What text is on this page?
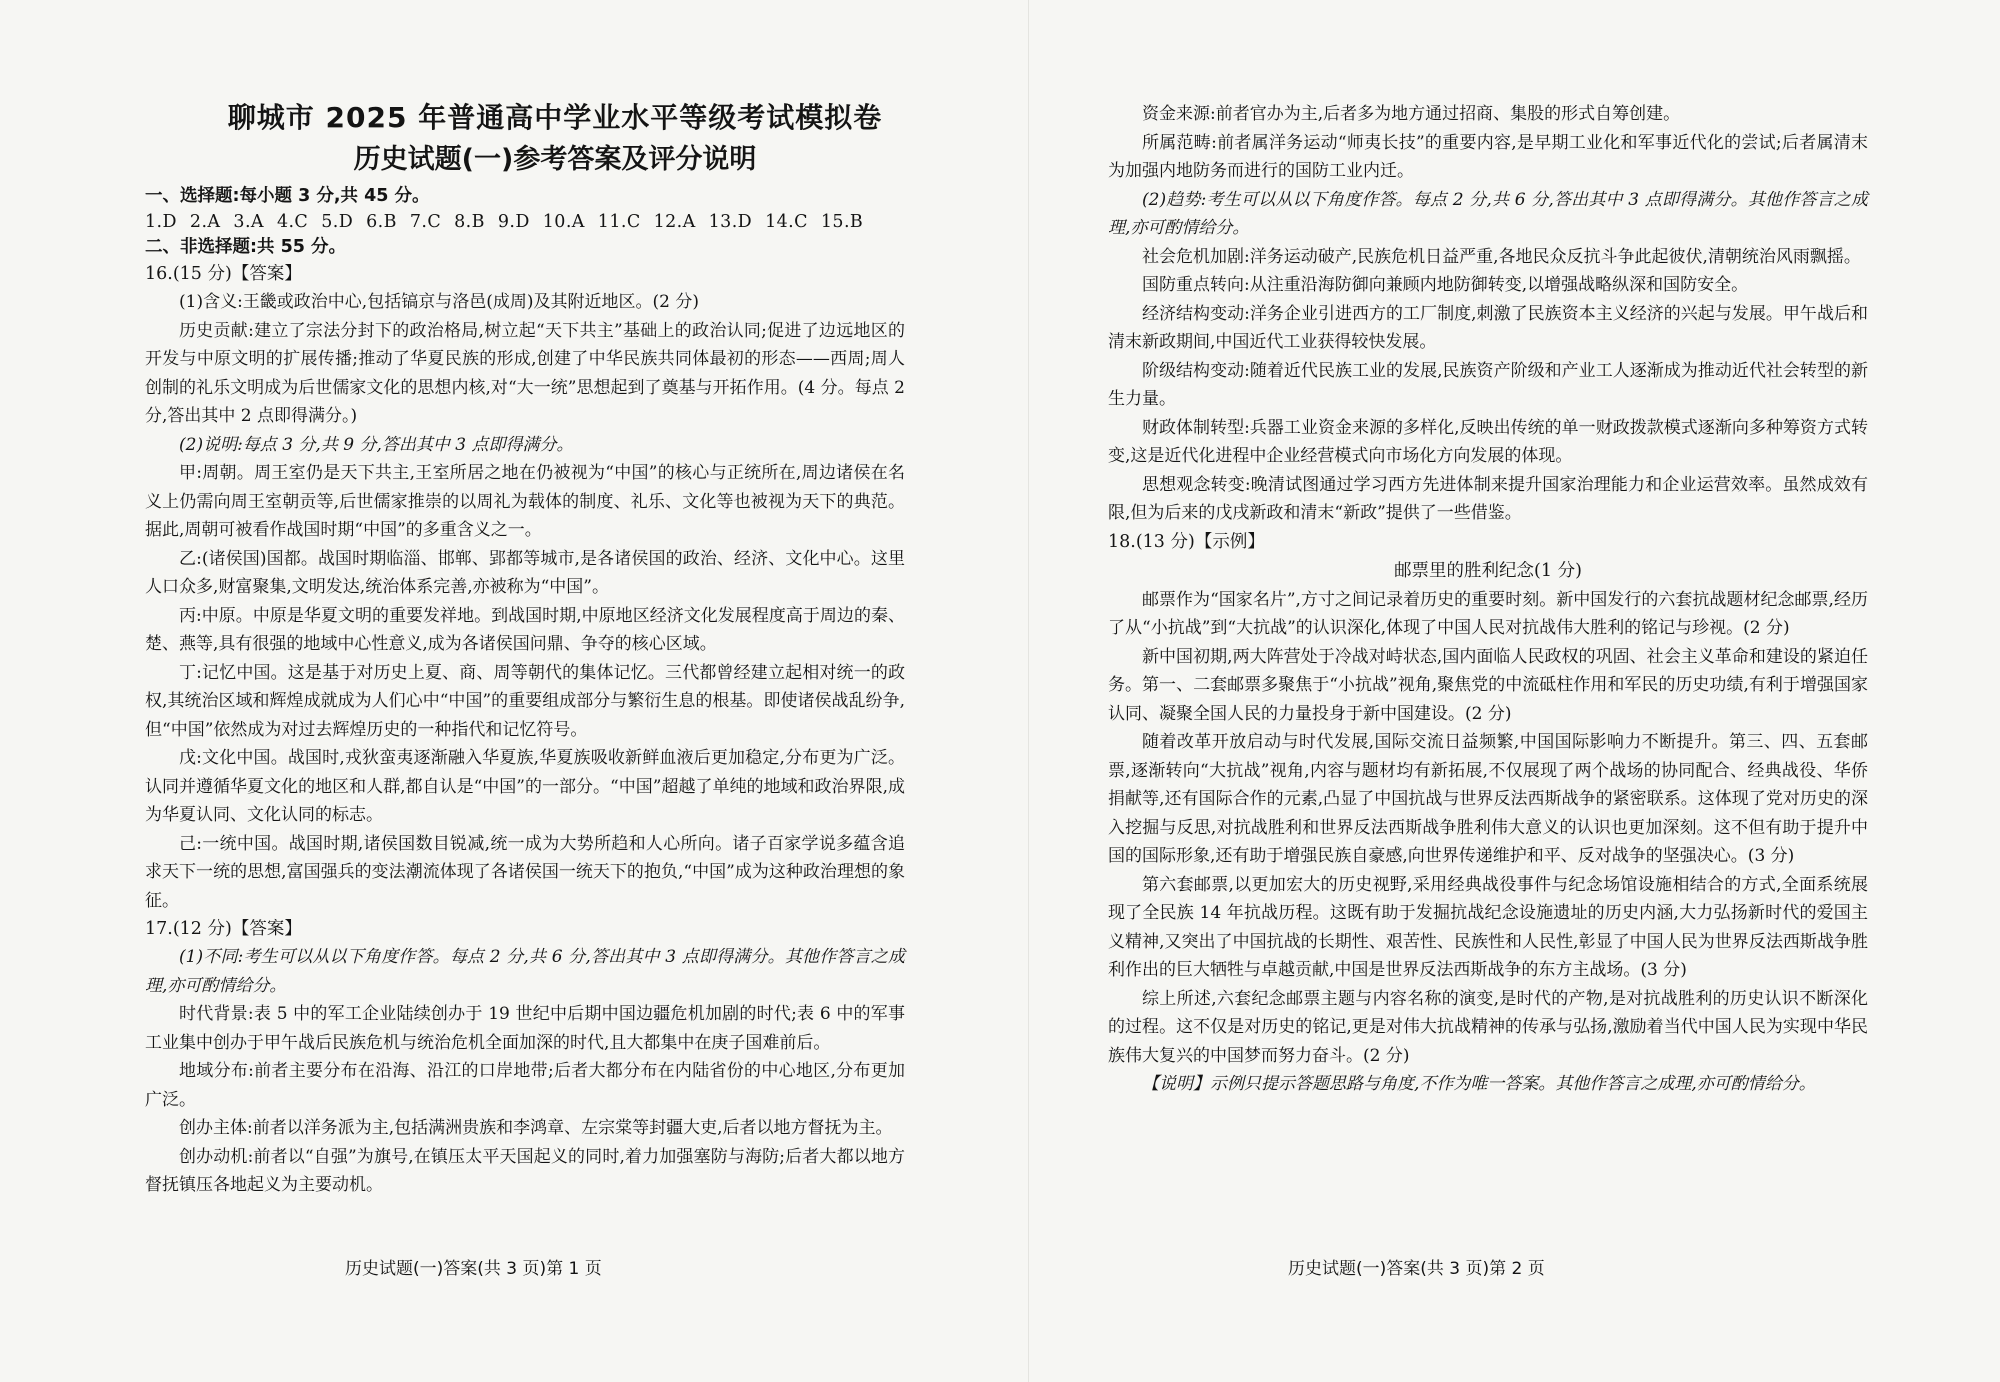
聊城市 2025 年普通高中学业水平等级考试模拟卷
历史试题(一)参考答案及评分说明
一、选择题:每小题 3 分,共 45 分。
1.D 2.A 3.A 4.C 5.D 6.B 7.C 8.B 9.D 10.A 11.C 12.A 13.D 14.C 15.B
二、非选择题:共 55 分。
16.(15 分)【答案】

(1)含义:王畿或政治中心,包括镐京与洛邑(成周)及其附近地区。(2 分)

历史贡献:建立了宗法分封下的政治格局,树立起“天下共主”基础上的政治认同;促进了边远地区的开发与中原文明的扩展传播;推动了华夏民族的形成,创建了中华民族共同体最初的形态——西周;周人创制的礼乐文明成为后世儒家文化的思想内核,对“大一统”思想起到了奠基与开拓作用。(4 分。每点 2 分,答出其中 2 点即得满分。)

(2)说明:每点 3 分,共 9 分,答出其中 3 点即得满分。

甲:周朝。周王室仍是天下共主,王室所居之地在仍被视为“中国”的核心与正统所在,周边诸侯在名义上仍需向周王室朝贡等,后世儒家推崇的以周礼为载体的制度、礼乐、文化等也被视为天下的典范。据此,周朝可被看作战国时期“中国”的多重含义之一。

乙:(诸侯国)国都。战国时期临淄、邯郸、郢都等城市,是各诸侯国的政治、经济、文化中心。这里人口众多,财富聚集,文明发达,统治体系完善,亦被称为“中国”。

丙:中原。中原是华夏文明的重要发祥地。到战国时期,中原地区经济文化发展程度高于周边的秦、楚、燕等,具有很强的地域中心性意义,成为各诸侯国问鼎、争夺的核心区域。

丁:记忆中国。这是基于对历史上夏、商、周等朝代的集体记忆。三代都曾经建立起相对统一的政权,其统治区域和辉煌成就成为人们心中“中国”的重要组成部分与繁衍生息的根基。即使诸侯战乱纷争,但“中国”依然成为对过去辉煌历史的一种指代和记忆符号。

戊:文化中国。战国时,戎狄蛮夷逐渐融入华夏族,华夏族吸收新鲜血液后更加稳定,分布更为广泛。认同并遵循华夏文化的地区和人群,都自认是“中国”的一部分。“中国”超越了单纯的地域和政治界限,成为华夏认同、文化认同的标志。

己:一统中国。战国时期,诸侯国数目锐减,统一成为大势所趋和人心所向。诸子百家学说多蕴含追求天下一统的思想,富国强兵的变法潮流体现了各诸侯国一统天下的抱负,“中国”成为这种政治理想的象征。

17.(12 分)【答案】

(1)不同:考生可以从以下角度作答。每点 2 分,共 6 分,答出其中 3 点即得满分。其他作答言之成理,亦可酌情给分。

时代背景:表 5 中的军工企业陆续创办于 19 世纪中后期中国边疆危机加剧的时代;表 6 中的军事工业集中创办于甲午战后民族危机与统治危机全面加深的时代,且大都集中在庚子国难前后。

地域分布:前者主要分布在沿海、沿江的口岸地带;后者大都分布在内陆省份的中心地区,分布更加广泛。

创办主体:前者以洋务派为主,包括满洲贵族和李鸿章、左宗棠等封疆大吏,后者以地方督抚为主。

创办动机:前者以“自强”为旗号,在镇压太平天国起义的同时,着力加强塞防与海防;后者大都以地方督抚镇压各地起义为主要动机。

历史试题(一)答案(共 3 页)第 1 页

资金来源:前者官办为主,后者多为地方通过招商、集股的形式自筹创建。

所属范畴:前者属洋务运动“师夷长技”的重要内容,是早期工业化和军事近代化的尝试;后者属清末为加强内地防务而进行的国防工业内迁。

(2)趋势:考生可以从以下角度作答。每点 2 分,共 6 分,答出其中 3 点即得满分。其他作答言之成理,亦可酌情给分。

社会危机加剧:洋务运动破产,民族危机日益严重,各地民众反抗斗争此起彼伏,清朝统治风雨飘摇。

国防重点转向:从注重沿海防御向兼顾内地防御转变,以增强战略纵深和国防安全。

经济结构变动:洋务企业引进西方的工厂制度,刺激了民族资本主义经济的兴起与发展。甲午战后和清末新政期间,中国近代工业获得较快发展。

阶级结构变动:随着近代民族工业的发展,民族资产阶级和产业工人逐渐成为推动近代社会转型的新生力量。

财政体制转型:兵器工业资金来源的多样化,反映出传统的单一财政拨款模式逐渐向多种筹资方式转变,这是近代化进程中企业经营模式向市场化方向发展的体现。

思想观念转变:晚清试图通过学习西方先进体制来提升国家治理能力和企业运营效率。虽然成效有限,但为后来的戊戌新政和清末“新政”提供了一些借鉴。

18.(13 分)【示例】
邮票里的胜利纪念(1 分)

邮票作为“国家名片”,方寸之间记录着历史的重要时刻。新中国发行的六套抗战题材纪念邮票,经历了从“小抗战”到“大抗战”的认识深化,体现了中国人民对抗战伟大胜利的铭记与珍视。(2 分)

新中国初期,两大阵营处于冷战对峙状态,国内面临人民政权的巩固、社会主义革命和建设的紧迫任务。第一、二套邮票多聚焦于“小抗战”视角,聚焦党的中流砥柱作用和军民的历史功绩,有利于增强国家认同、凝聚全国人民的力量投身于新中国建设。(2 分)

随着改革开放启动与时代发展,国际交流日益频繁,中国国际影响力不断提升。第三、四、五套邮票,逐渐转向“大抗战”视角,内容与题材均有新拓展,不仅展现了两个战场的协同配合、经典战役、华侨捐献等,还有国际合作的元素,凸显了中国抗战与世界反法西斯战争的紧密联系。这体现了党对历史的深入挖掘与反思,对抗战胜利和世界反法西斯战争胜利伟大意义的认识也更加深刻。这不但有助于提升中国的国际形象,还有助于增强民族自豪感,向世界传递维护和平、反对战争的坚强决心。(3 分)

第六套邮票,以更加宏大的历史视野,采用经典战役事件与纪念场馆设施相结合的方式,全面系统展现了全民族 14 年抗战历程。这既有助于发掘抗战纪念设施遗址的历史内涵,大力弘扬新时代的爱国主义精神,又突出了中国抗战的长期性、艰苦性、民族性和人民性,彰显了中国人民为世界反法西斯战争胜利作出的巨大牺牲与卓越贡献,中国是世界反法西斯战争的东方主战场。(3 分)

综上所述,六套纪念邮票主题与内容名称的演变,是时代的产物,是对抗战胜利的历史认识不断深化的过程。这不仅是对历史的铭记,更是对伟大抗战精神的传承与弘扬,激励着当代中国人民为实现中华民族伟大复兴的中国梦而努力奋斗。(2 分)

【说明】示例只提示答题思路与角度,不作为唯一答案。其他作答言之成理,亦可酌情给分。

历史试题(一)答案(共 3 页)第 2 页
